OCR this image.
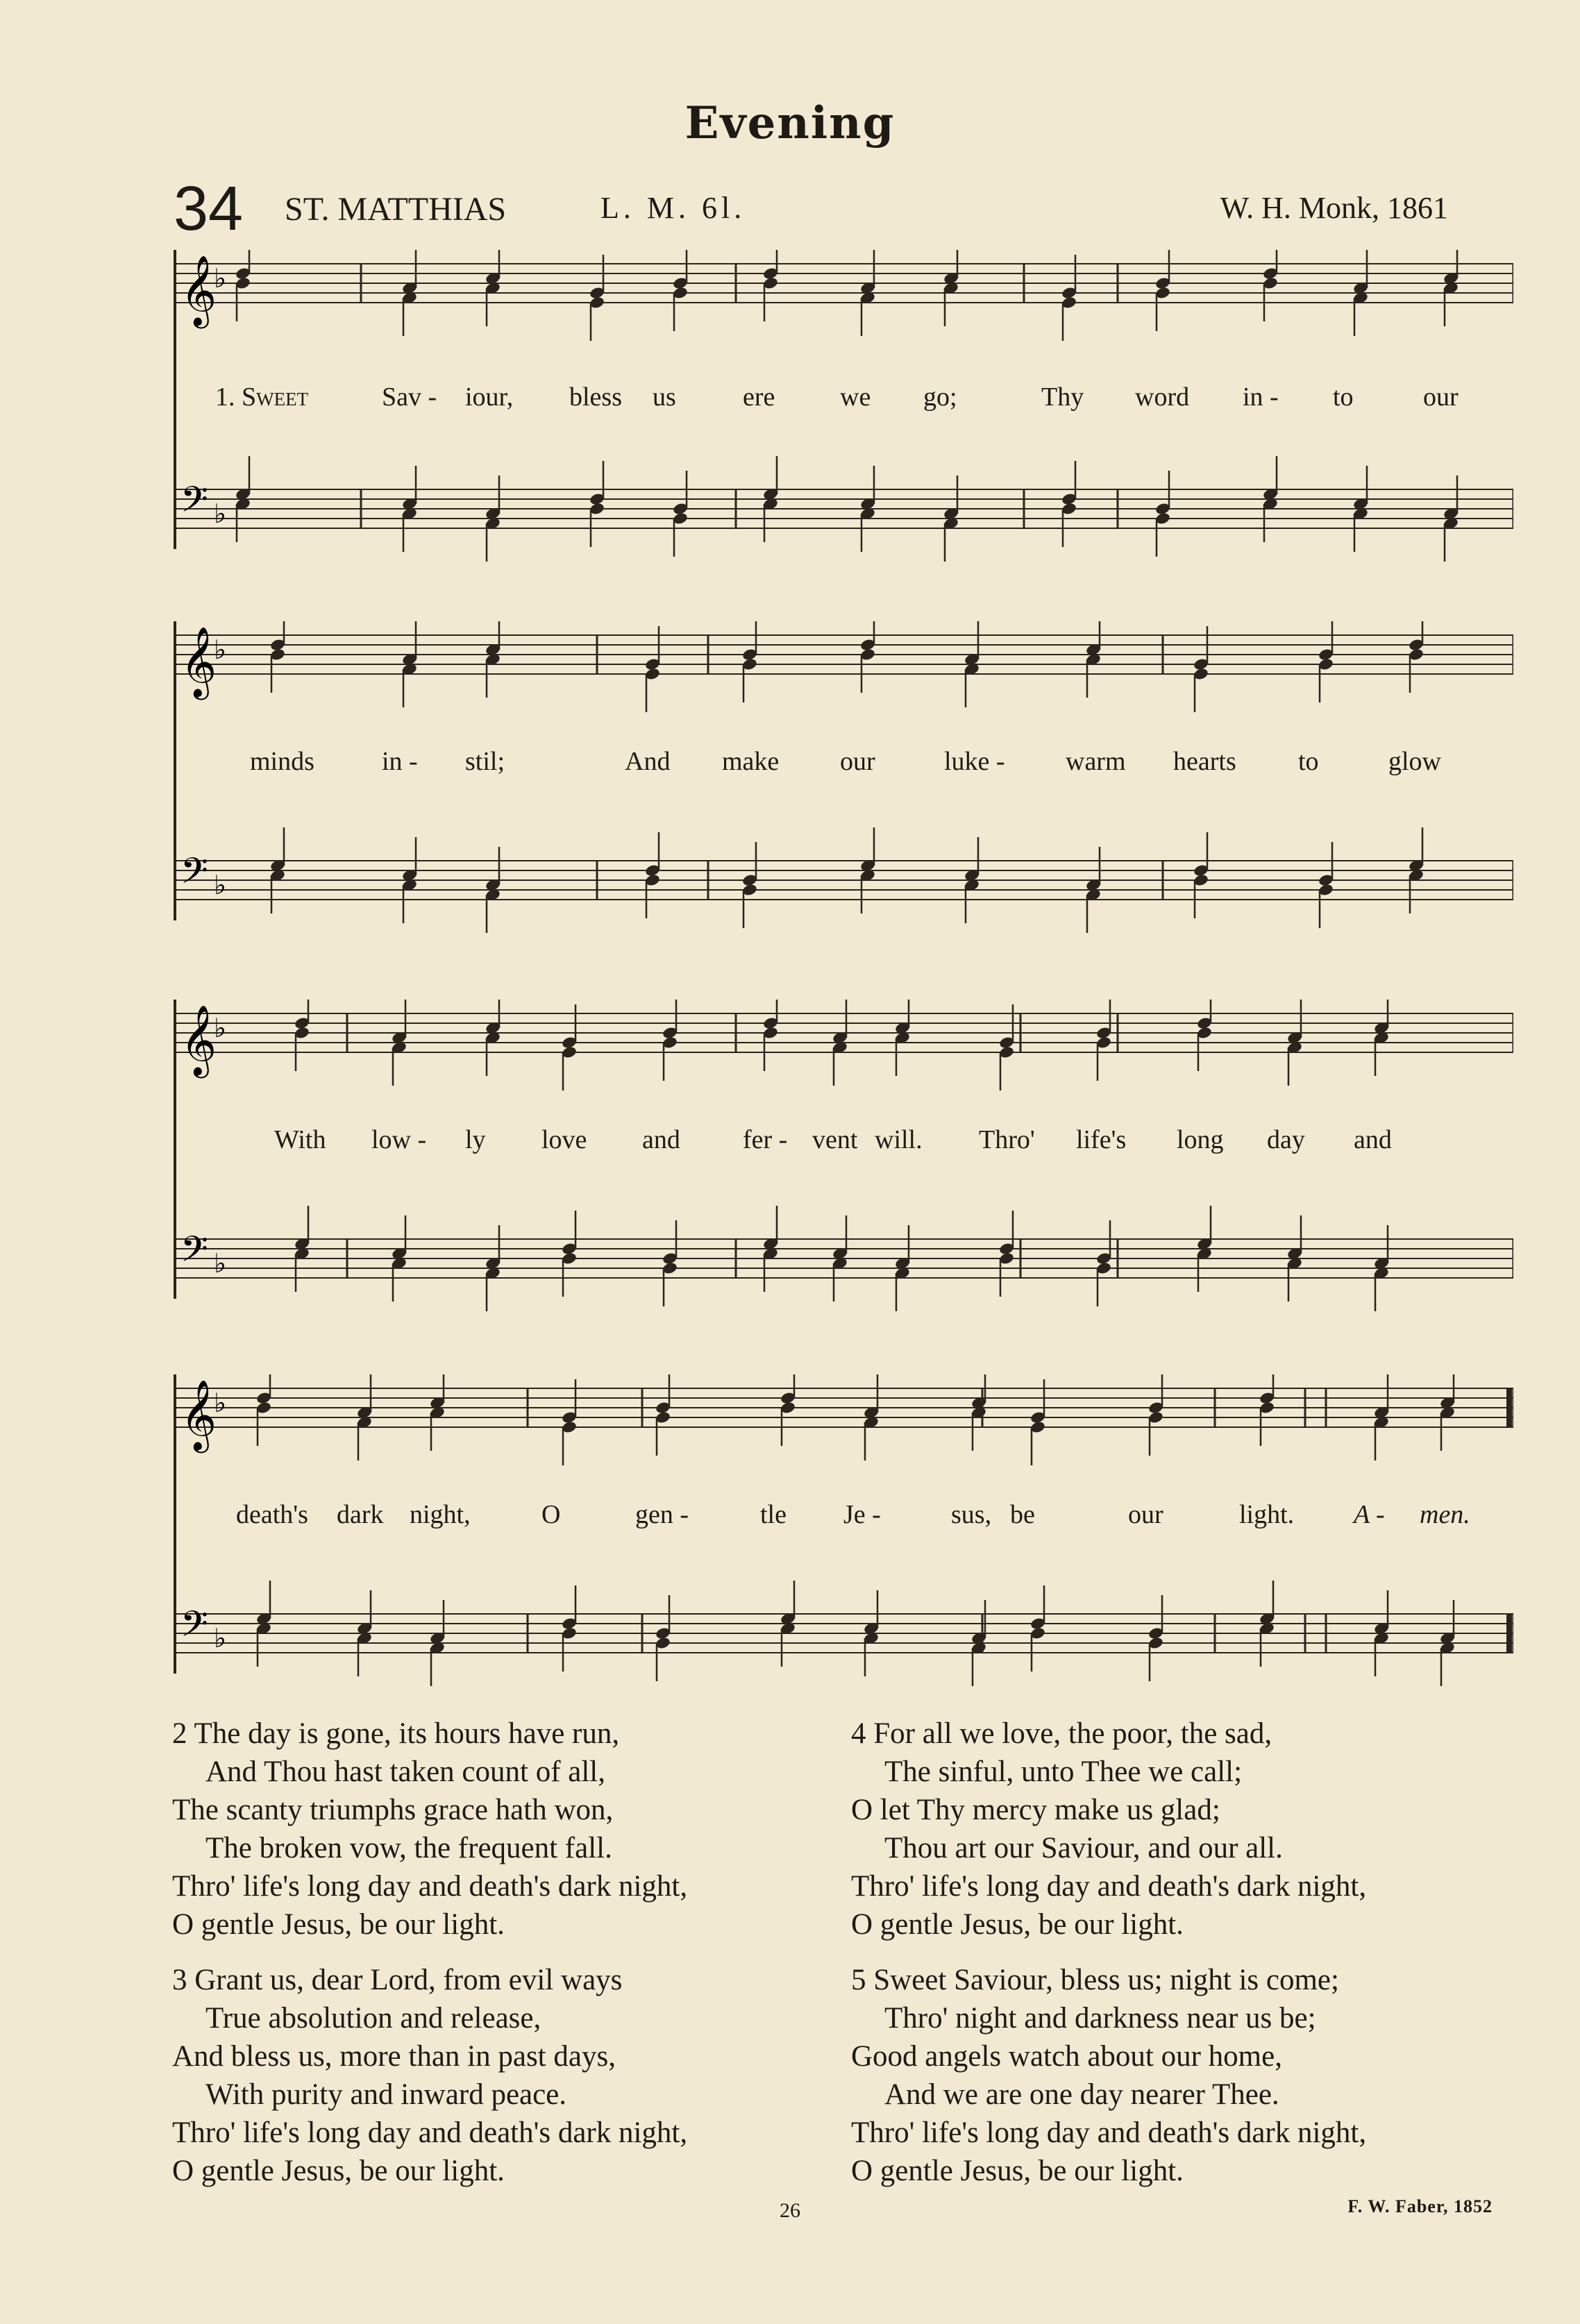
Evening
34 ST. MATTHIAS	L. M. 6l.	W. H. Monk, 1861
𝄞
𝄢
♭
♭
1. Sweet	Sav - iour, bless us	ere we go;	Thy word in - to	our
𝄞
𝄢
♭
♭
minds	in - stil;	And make our	luke - warm hearts to	glow
𝄞
𝄢
♭
♭
With low - ly love and fer - vent will. Thro' life's long day and
𝄞
𝄢
♭
♭
death's dark night,	O	gen -	tle Je -	sus, be	our	light. A - men.
2 The day is gone, its hours have run,
And Thou hast taken count of all,
The scanty triumphs grace hath won,
The broken vow, the frequent fall.
Thro' life's long day and death's dark night,
O gentle Jesus, be our light.
3 Grant us, dear Lord, from evil ways
True absolution and release,
And bless us, more than in past days,
With purity and inward peace.
Thro' life's long day and death's dark night,
O gentle Jesus, be our light.
4 For all we love, the poor, the sad,
The sinful, unto Thee we call;
O let Thy mercy make us glad;
Thou art our Saviour, and our all.
Thro' life's long day and death's dark night,
O gentle Jesus, be our light.
5 Sweet Saviour, bless us; night is come;
Thro' night and darkness near us be;
Good angels watch about our home,
And we are one day nearer Thee.
Thro' life's long day and death's dark night,
O gentle Jesus, be our light.
26	F. W. Faber, 1852
